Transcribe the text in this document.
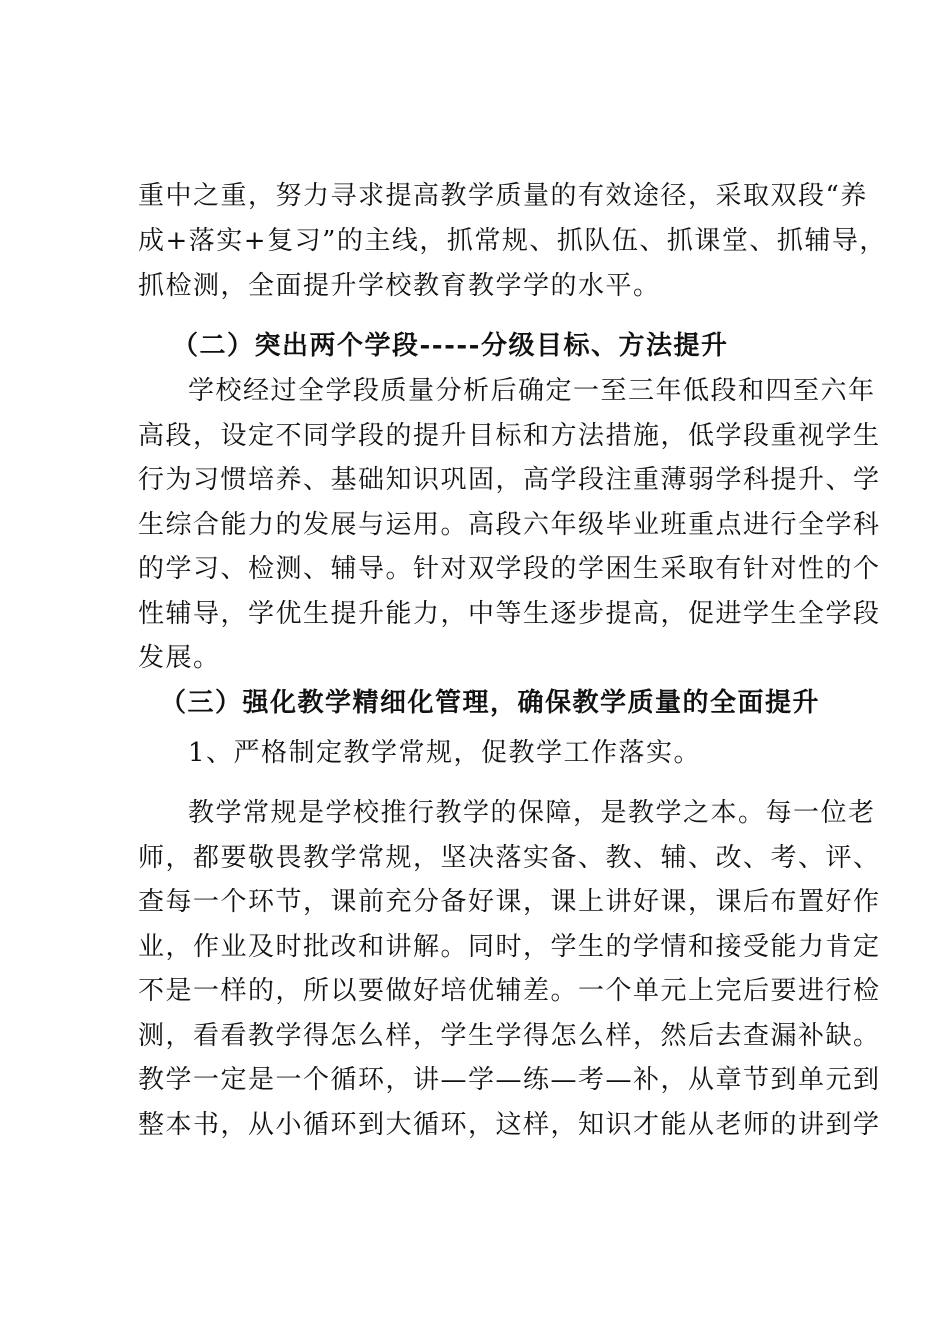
重中之重，努力寻求提高教学质量的有效途径，采取双段“养
成+落实+复习”的主线，抓常规、抓队伍、抓课堂、抓辅导，
抓检测，全面提升学校教育教学学的水平。
（二）突出两个学段-----分级目标、方法提升
学校经过全学段质量分析后确定一至三年低段和四至六年
高段，设定不同学段的提升目标和方法措施，低学段重视学生
行为习惯培养、基础知识巩固，高学段注重薄弱学科提升、学
生综合能力的发展与运用。高段六年级毕业班重点进行全学科
的学习、检测、辅导。针对双学段的学困生采取有针对性的个
性辅导，学优生提升能力，中等生逐步提高，促进学生全学段
发展。
（三）强化教学精细化管理，确保教学质量的全面提升
1、严格制定教学常规，促教学工作落实。
教学常规是学校推行教学的保障，是教学之本。每一位老
师，都要敬畏教学常规，坚决落实备、教、辅、改、考、评、
查每一个环节，课前充分备好课，课上讲好课，课后布置好作
业，作业及时批改和讲解。同时，学生的学情和接受能力肯定
不是一样的，所以要做好培优辅差。一个单元上完后要进行检
测，看看教学得怎么样，学生学得怎么样，然后去查漏补缺。
教学一定是一个循环，讲—学—练—考—补，从章节到单元到
整本书，从小循环到大循环，这样，知识才能从老师的讲到学
